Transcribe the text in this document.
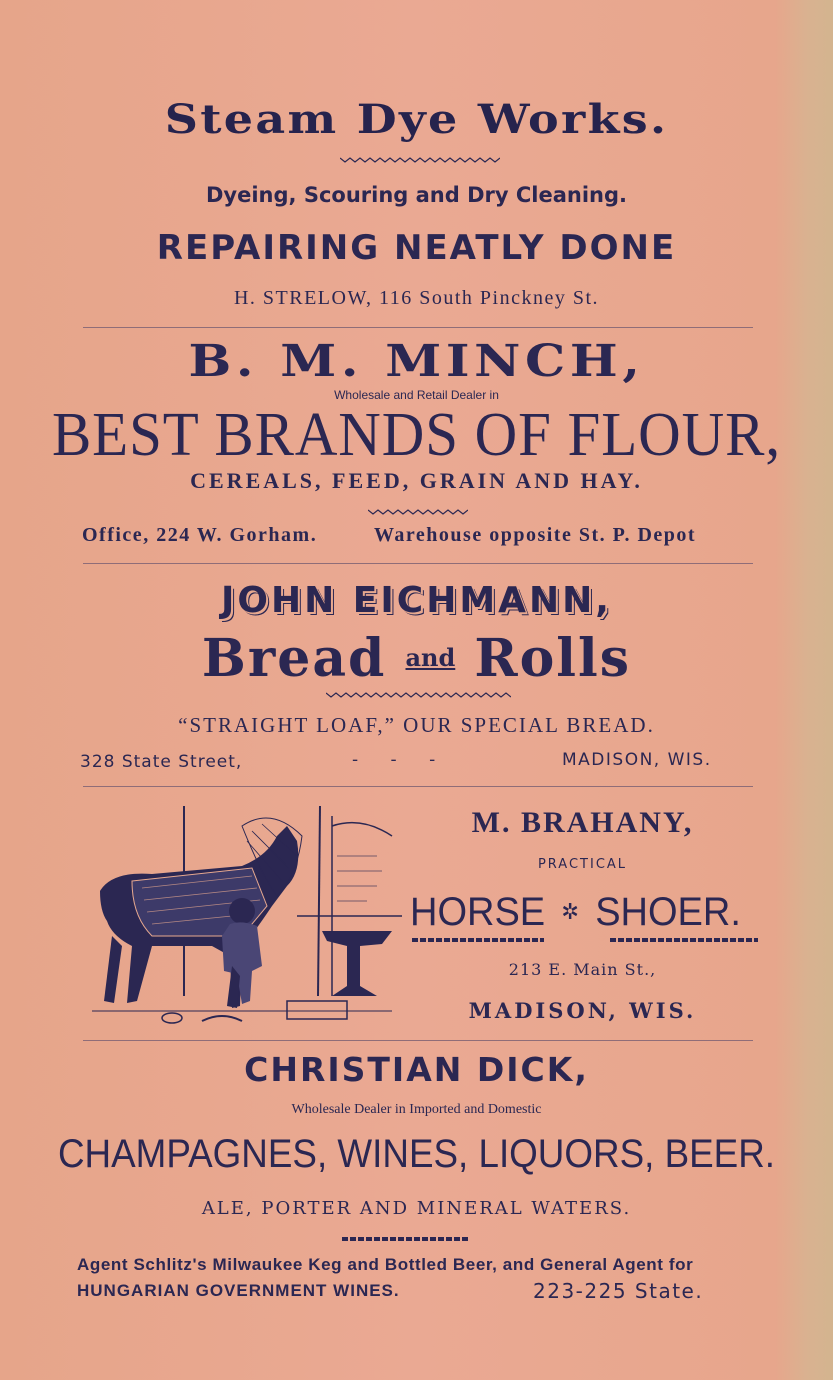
Steam Dye Works.
Dyeing, Scouring and Dry Cleaning.
REPAIRING NEATLY DONE
H. STRELOW, 116 South Pinckney St.
B. M. MINCH,
Wholesale and Retail Dealer in
BEST BRANDS OF FLOUR,
CEREALS, FEED, GRAIN AND HAY.
Office, 224 W. Gorham.	Warehouse opposite St. P. Depot
JOHN EICHMANN,
Bread and Rolls
“STRAIGHT LOAF,” OUR SPECIAL BREAD.
328 State Street,	-      -      -	MADISON, WIS.
M. BRAHANY,
PRACTICAL
HORSE ✲ SHOER.
213 E. Main St.,
MADISON, WIS.
CHRISTIAN DICK,
Wholesale Dealer in Imported and Domestic
CHAMPAGNES, WINES, LIQUORS, BEER.
ALE, PORTER AND MINERAL WATERS.
Agent Schlitz's Milwaukee Keg and Bottled Beer, and General Agent for
HUNGARIAN GOVERNMENT WINES.	223-225 State.
